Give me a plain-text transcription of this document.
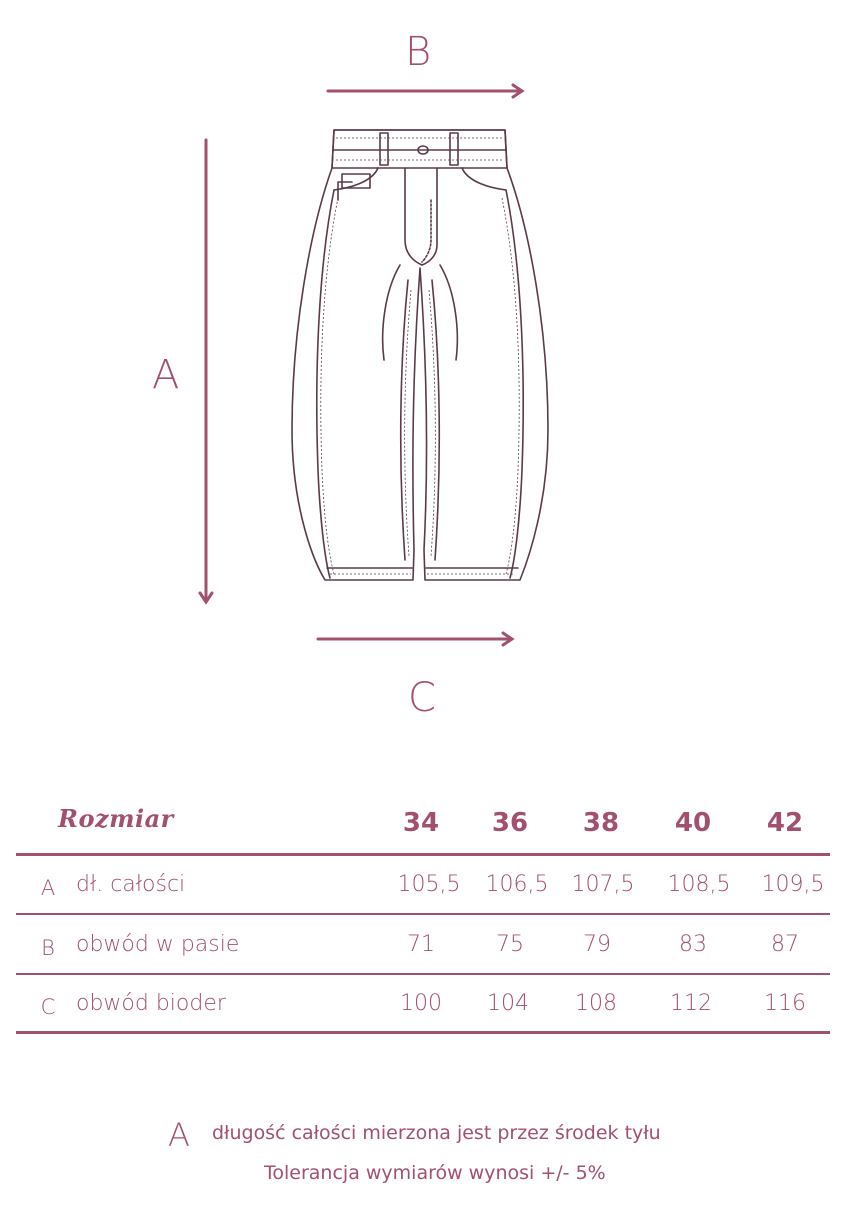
B
A
C
Rozmiar	34	36	38	40	42
A dł. całości	105,5	106,5	107,5	108,5	109,5
B obwód w pasie	71	75	79	83	87
C obwód bioder	100	104	108	112	116
A długość całości mierzona jest przez środek tyłu
Tolerancja wymiarów wynosi +/- 5%
